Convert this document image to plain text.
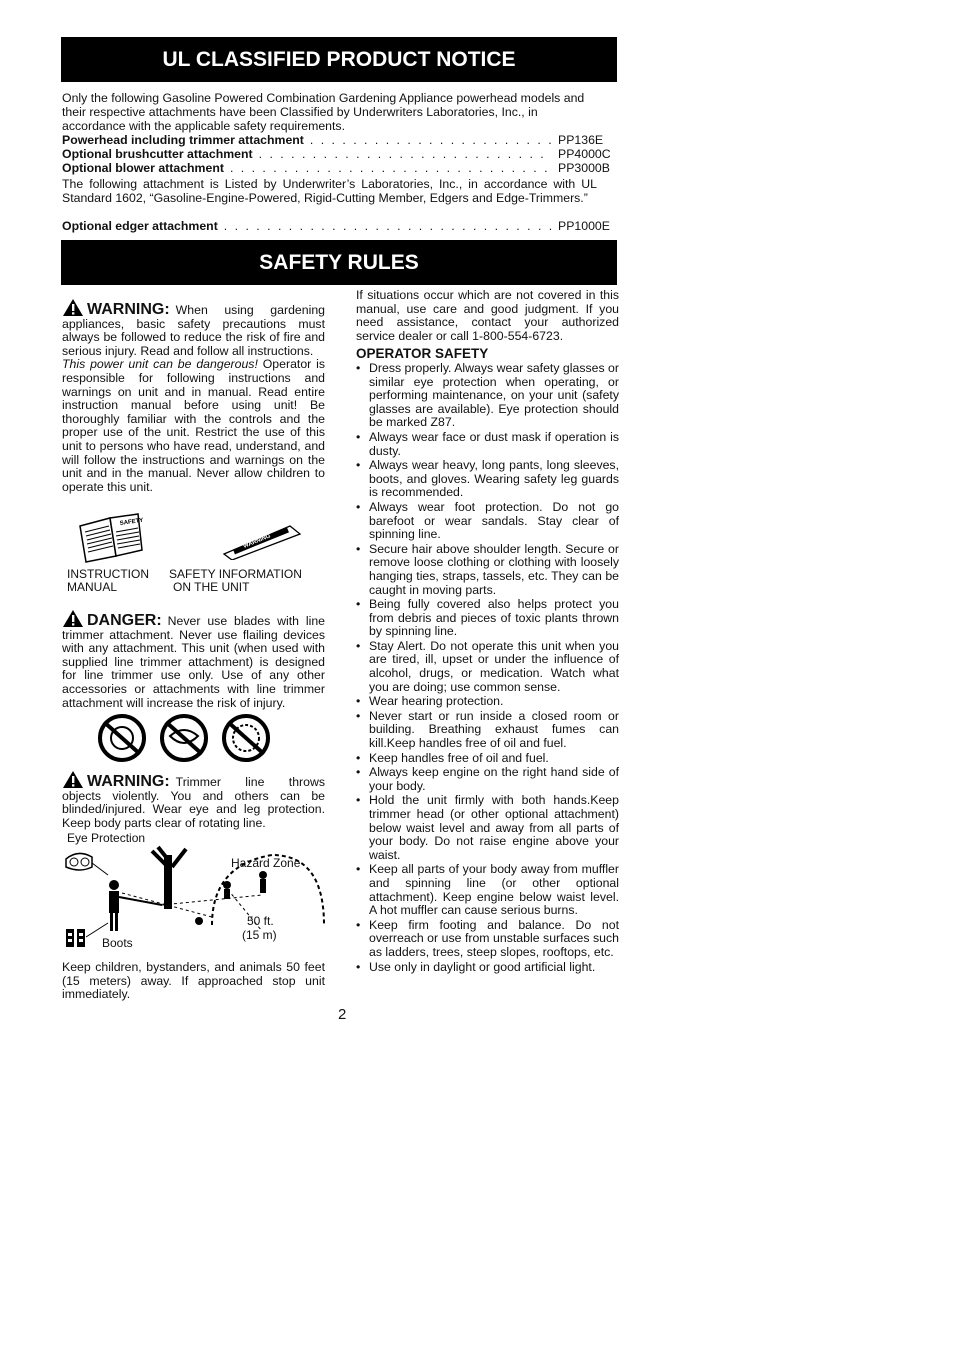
UL CLASSIFIED PRODUCT NOTICE
Only the following Gasoline Powered Combination Gardening Appliance powerhead models and their respective attachments have been Classified by Underwriters Laboratories, Inc., in accordance with the applicable safety requirements.
Powerhead including trimmer attachment . . .	PP136E
Optional brushcutter attachment . . .	PP4000C
Optional blower attachment . . .	PP3000B
The following attachment is Listed by Underwriter’s Laboratories, Inc., in accordance with UL Standard 1602, “Gasoline-Engine-Powered, Rigid-Cutting Member, Edgers and Edge-Trimmers.”
Optional edger attachment . . .	PP1000E
SAFETY RULES

WARNING: When using gardening appliances, basic safety precautions must always be followed to reduce the risk of fire and serious injury. Read and follow all instructions.

This power unit can be dangerous! Operator is responsible for following instructions and warnings on unit and in manual. Read entire instruction manual before using unit! Be thoroughly familiar with the controls and the proper use of the unit. Restrict the use of this unit to persons who have read, understand, and will follow the instructions and warnings on the unit and in the manual. Never allow children to operate this unit.

SAFETY
WARNING
INSTRUCTION
MANUAL
SAFETY INFORMATION
ON THE UNIT

DANGER: Never use blades with line trimmer attachment. Never use flailing devices with any attachment. This unit (when used with supplied line trimmer attachment) is designed for line trimmer use only. Use of any other accessories or attachments with line trimmer attachment will increase the risk of injury.

WARNING: Trimmer line throws objects violently. You and others can be blinded/injured. Wear eye and leg protection. Keep body parts clear of rotating line.

Eye Protection
Hazard Zone
50 ft.
(15 m)
Boots
Keep children, bystanders, and animals 50 feet (15 meters) away. If approached stop unit immediately.
If situations occur which are not covered in this manual, use care and good judgment. If you need assistance, contact your authorized service dealer or call 1-800-554-6723.
OPERATOR SAFETY
• Dress properly. Always wear safety glasses or similar eye protection when operating, or performing maintenance, on your unit (safety glasses are available). Eye protection should be marked Z87.
• Always wear face or dust mask if operation is dusty.
• Always wear heavy, long pants, long sleeves, boots, and gloves. Wearing safety leg guards is recommended.
• Always wear foot protection. Do not go barefoot or wear sandals. Stay clear of spinning line.
• Secure hair above shoulder length. Secure or remove loose clothing or clothing with loosely hanging ties, straps, tassels, etc. They can be caught in moving parts.
• Being fully covered also helps protect you from debris and pieces of toxic plants thrown by spinning line.
• Stay Alert. Do not operate this unit when you are tired, ill, upset or under the influence of alcohol, drugs, or medication. Watch what you are doing; use common sense.
• Wear hearing protection.
• Never start or run inside a closed room or building. Breathing exhaust fumes can kill.Keep handles free of oil and fuel.
• Keep handles free of oil and fuel.
• Always keep engine on the right hand side of your body.
• Hold the unit firmly with both hands.Keep trimmer head (or other optional attachment) below waist level and away from all parts of your body. Do not raise engine above your waist.
• Keep all parts of your body away from muffler and spinning line (or other optional attachment). Keep engine below waist level. A hot muffler can cause serious burns.
• Keep firm footing and balance. Do not overreach or use from unstable surfaces such as ladders, trees, steep slopes, rooftops, etc.
• Use only in daylight or good artificial light.
2
